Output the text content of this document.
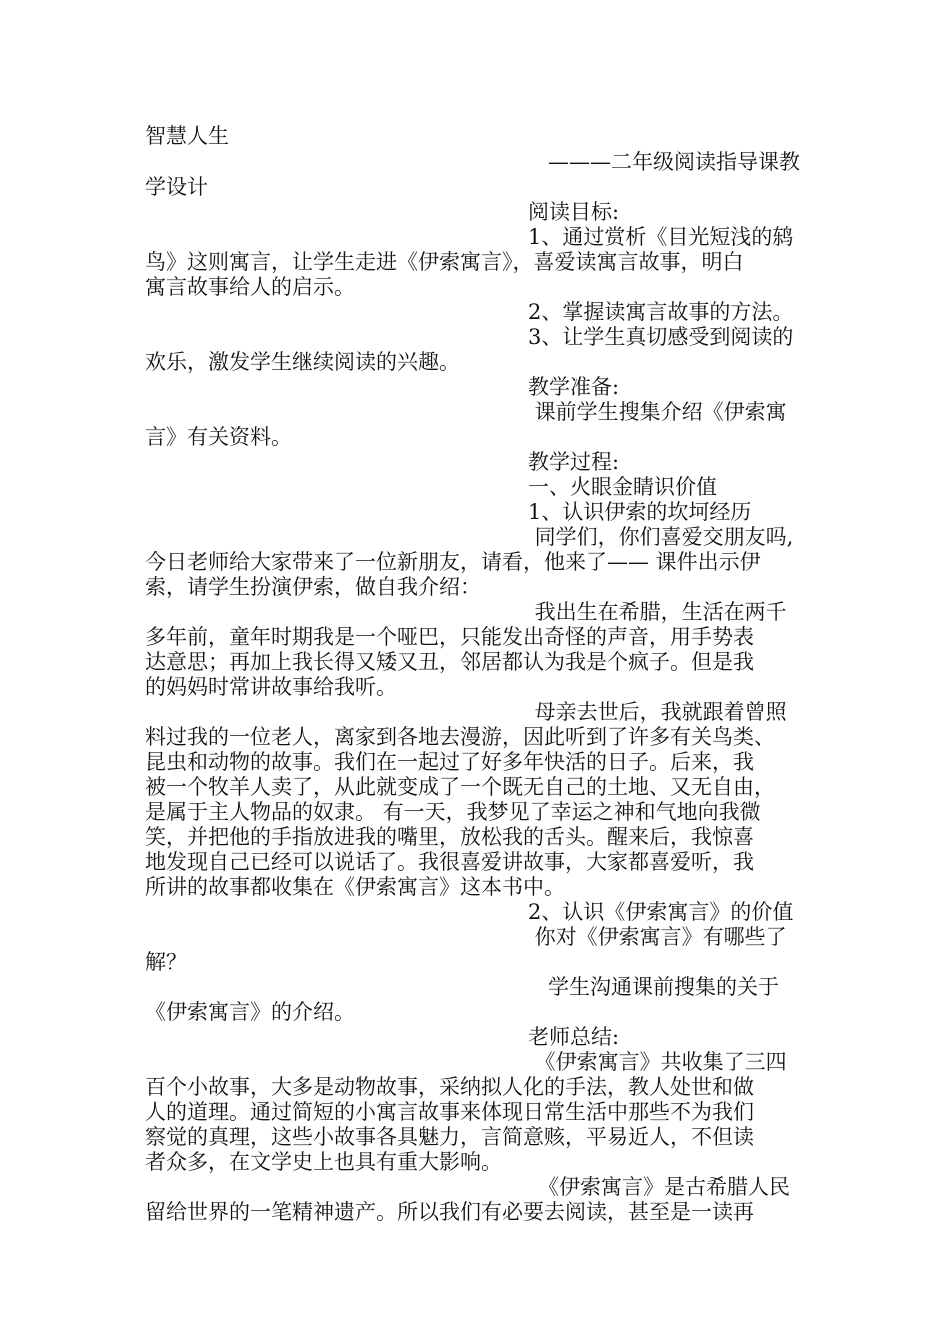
智慧人生

———二年级阅读指导课教

学设计

阅读目标:

1、通过赏析《目光短浅的鸫

鸟》这则寓言，让学生走进《伊索寓言》，喜爱读寓言故事，明白

寓言故事给人的启示。

2、掌握读寓言故事的方法。

3、让学生真切感受到阅读的

欢乐，激发学生继续阅读的兴趣。

教学准备:

课前学生搜集介绍《伊索寓

言》有关资料。

教学过程:

一、火眼金睛识价值

1、认识伊索的坎坷经历

同学们，你们喜爱交朋友吗,

今日老师给大家带来了一位新朋友，请看，他来了—— 课件出示伊

索，请学生扮演伊索，做自我介绍：

我出生在希腊，生活在两千

多年前，童年时期我是一个哑巴，只能发出奇怪的声音，用手势表

达意思；再加上我长得又矮又丑，邻居都认为我是个疯子。但是我

的妈妈时常讲故事给我听。

母亲去世后，我就跟着曾照

料过我的一位老人，离家到各地去漫游，因此听到了许多有关鸟类、

昆虫和动物的故事。我们在一起过了好多年快活的日子。后来，我

被一个牧羊人卖了，从此就变成了一个既无自己的土地、又无自由，

是属于主人物品的奴隶。 有一天，我梦见了幸运之神和气地向我微

笑，并把他的手指放进我的嘴里，放松我的舌头。醒来后，我惊喜

地发现自己已经可以说话了。我很喜爱讲故事，大家都喜爱听，我

所讲的故事都收集在《伊索寓言》这本书中。

2、认识《伊索寓言》的价值

你对《伊索寓言》有哪些了

解？

学生沟通课前搜集的关于

《伊索寓言》的介绍。

老师总结:

《伊索寓言》共收集了三四

百个小故事，大多是动物故事，采纳拟人化的手法，教人处世和做

人的道理。通过简短的小寓言故事来体现日常生活中那些不为我们

察觉的真理，这些小故事各具魅力，言简意赅，平易近人，不但读

者众多，在文学史上也具有重大影响。

《伊索寓言》是古希腊人民

留给世界的一笔精神遗产。所以我们有必要去阅读，甚至是一读再
